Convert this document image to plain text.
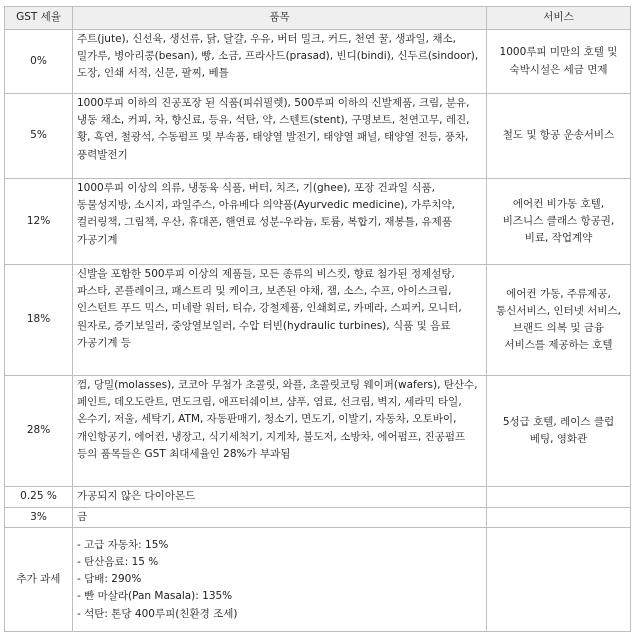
GST 세율	품목	서비스
0%	주트(jute), 신선육, 생선류, 닭, 달걀, 우유, 버터 밀크, 커드, 천연 꿀, 생과일, 채소, 밀가루, 병아리콩(besan), 빵, 소금, 프라사드(prasad), 빈디(bindi), 신두르(sindoor), 도장, 인쇄 서적, 신문, 팔찌, 베틀	1000루피 미만의 호텔 및 숙박시설은 세금 면제
5%	1000루피 이하의 진공포장 된 식품(피쉬필렛), 500루피 이하의 신발제품, 크림, 분유, 냉동 채소, 커피, 차, 향신료, 등유, 석탄, 약, 스텐트(stent), 구명보트, 천연고무, 레진, 황, 흑연, 철광석, 수동펌프 및 부속품, 태양열 발전기, 태양열 패널, 태양열 전등, 풍차, 풍력발전기	철도 및 항공 운송서비스
12%	1000루피 이상의 의류, 냉동육 식품, 버터, 치즈, 기(ghee), 포장 건과일 식품, 동물성지방, 소시지, 과일주스, 아유베다 의약품(Ayurvedic medicine), 가루치약, 컬러링책, 그림책, 우산, 휴대폰, 핸연료 성분-우라늄, 토륨, 복합기, 재봉틀, 유제품 가공기계	에어컨 비가동 호텔, 비즈니스 클래스 항공권, 비료, 작업계약
18%	신발을 포함한 500루피 이상의 제품들, 모든 종류의 비스킷, 향료 첨가된 정제설탕, 파스타, 콘플레이크, 패스트리 및 케이크, 보존된 야채, 잼, 소스, 수프, 아이스크림, 인스턴트 푸드 믹스, 미네랄 워터, 티슈, 강철제품, 인쇄회로, 카메라, 스피커, 모니터, 원자로, 증기보일러, 중앙열보일러, 수압 터빈(hydraulic turbines), 식품 및 음료 가공기계 등	에어컨 가동, 주류제공, 통신서비스, 인터넷 서비스, 브랜드 의복 및 금융 서비스를 제공하는 호텔
28%	껌, 당밀(molasses), 코코아 무첨가 초콜릿, 와플, 초콜릿코팅 웨이퍼(wafers), 탄산수, 페인트, 데오도란트, 면도크림, 애프터쉐이브, 샴푸, 염료, 선크림, 벽지, 세라믹 타일, 온수기, 저울, 세탁기, ATM, 자동판매기, 청소기, 면도기, 이발기, 자동차, 오토바이, 개인항공기, 에어컨, 냉장고, 식기세척기, 지게차, 불도저, 소방차, 에어펌프, 진공펌프 등의 품목들은 GST 최대세율인 28%가 부과됨	5성급 호텔, 레이스 클럽 베팅, 영화관
0.25 %	가공되지 않은 다이아몬드	
3%	금	
추가 과세	- 고급 자동차: 15%
- 탄산음료: 15 %
- 담배: 290%
- 빤 마살라(Pan Masala): 135%
- 석탄: 톤당 400루피(친환경 조세)	
